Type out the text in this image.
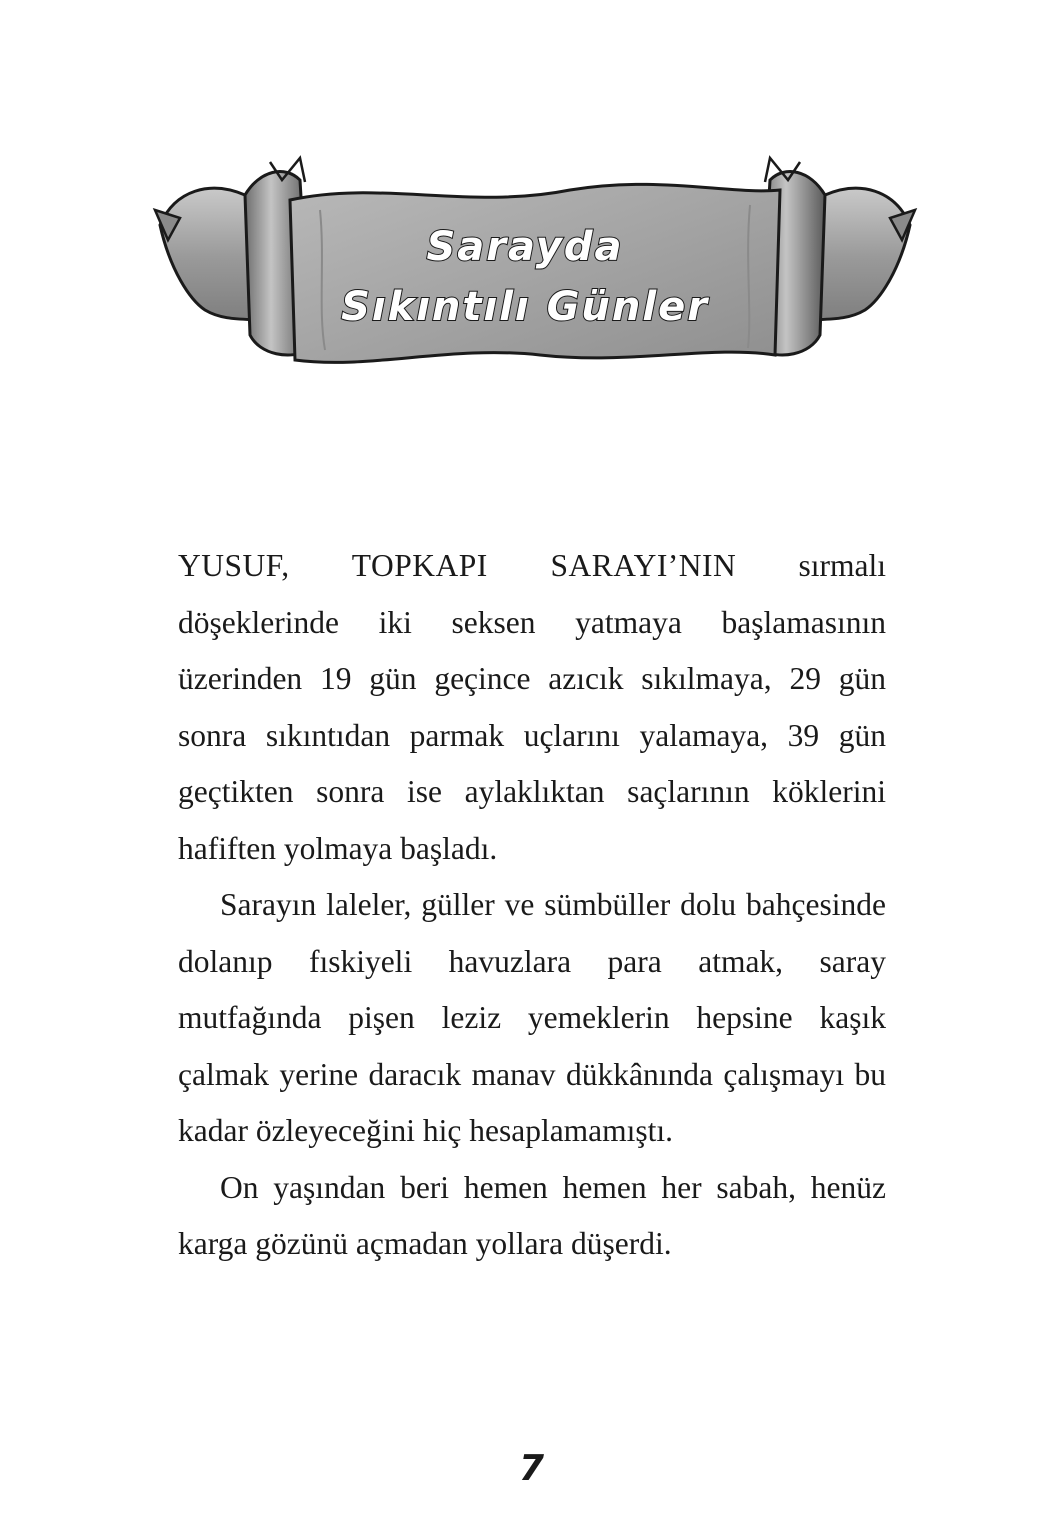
Sarayda
Sıkıntılı Günler

YUSUF, TOPKAPI SARAYI’NIN sırmalı döşeklerinde iki seksen yatmaya başlamasının üzerinden 19 gün geçince azıcık sıkılmaya, 29 gün sonra sıkıntıdan parmak uçlarını yalamaya, 39 gün geçtikten sonra ise aylaklıktan saçlarının köklerini hafiften yolmaya başladı.

Sarayın laleler, güller ve sümbüller dolu bahçesinde dolanıp fıskiyeli havuzlara para atmak, saray mutfağında pişen leziz yemeklerin hepsine kaşık çalmak yerine daracık manav dükkânında çalışmayı bu kadar özleyeceğini hiç hesaplamamıştı.

On yaşından beri hemen hemen her sabah, henüz karga gözünü açmadan yollara düşerdi.

7
